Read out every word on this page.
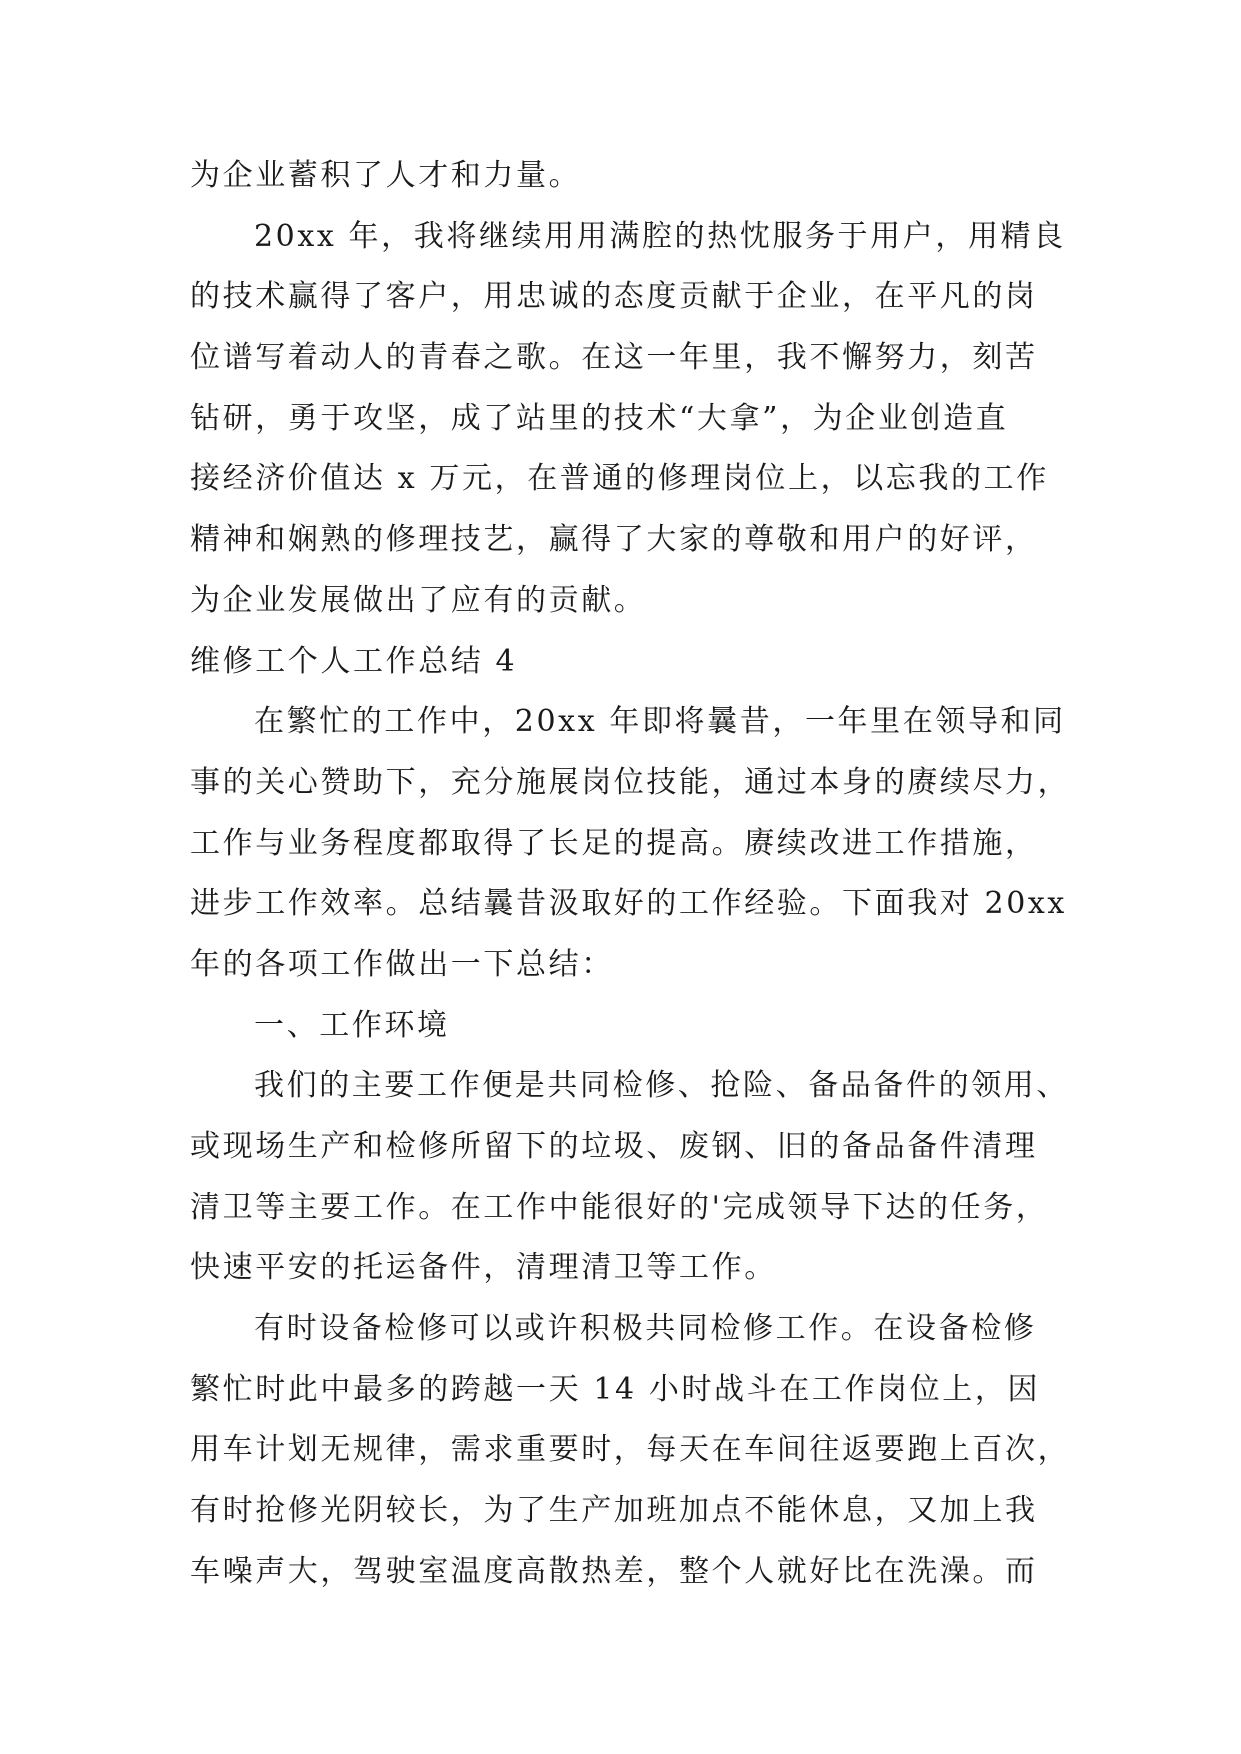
为企业蓄积了人才和力量。
20xx 年，我将继续用用满腔的热忱服务于用户，用精良
的技术赢得了客户，用忠诚的态度贡献于企业，在平凡的岗
位谱写着动人的青春之歌。在这一年里，我不懈努力，刻苦
钻研，勇于攻坚，成了站里的技术“大拿”，为企业创造直
接经济价值达 x 万元，在普通的修理岗位上，以忘我的工作
精神和娴熟的修理技艺，赢得了大家的尊敬和用户的好评，
为企业发展做出了应有的贡献。
维修工个人工作总结 4
在繁忙的工作中，20xx 年即将曩昔，一年里在领导和同
事的关心赞助下，充分施展岗位技能，通过本身的赓续尽力，
工作与业务程度都取得了长足的提高。赓续改进工作措施，
进步工作效率。总结曩昔汲取好的工作经验。下面我对 20xx
年的各项工作做出一下总结：
一、工作环境
我们的主要工作便是共同检修、抢险、备品备件的领用、
或现场生产和检修所留下的垃圾、废钢、旧的备品备件清理
清卫等主要工作。在工作中能很好的'完成领导下达的任务，
快速平安的托运备件，清理清卫等工作。
有时设备检修可以或许积极共同检修工作。在设备检修
繁忙时此中最多的跨越一天 14 小时战斗在工作岗位上，因
用车计划无规律，需求重要时，每天在车间往返要跑上百次，
有时抢修光阴较长，为了生产加班加点不能休息，又加上我
车噪声大，驾驶室温度高散热差，整个人就好比在洗澡。而
